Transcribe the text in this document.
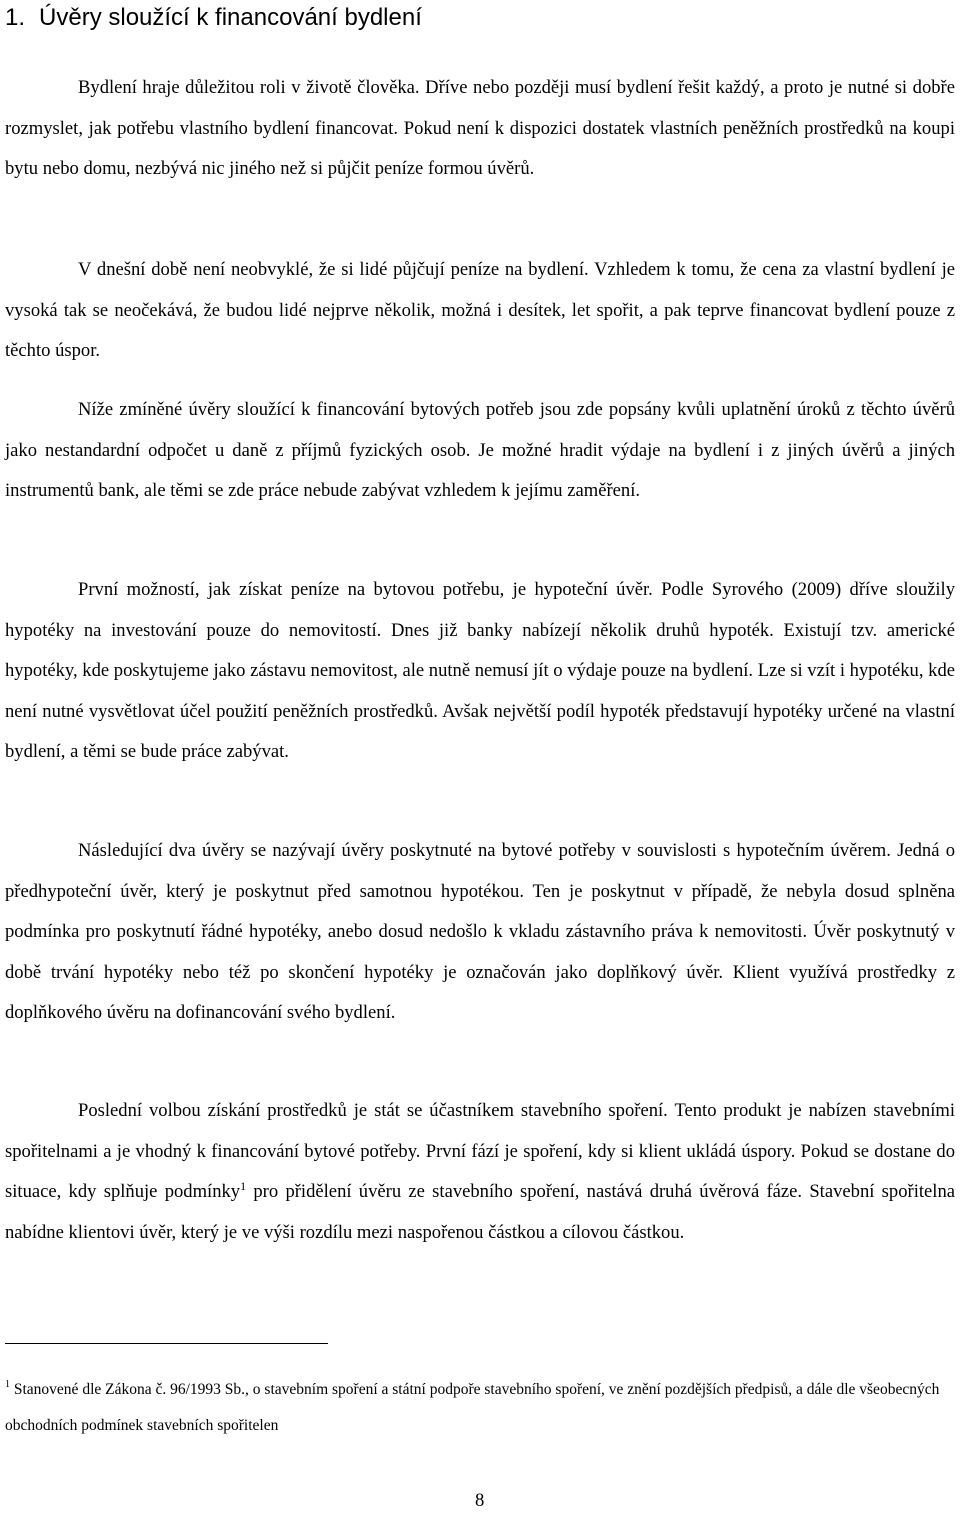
1. Úvěry sloužící k financování bydlení

Bydlení hraje důležitou roli v životě člověka. Dříve nebo později musí bydlení řešit každý, a proto je nutné si dobře rozmyslet, jak potřebu vlastního bydlení financovat. Pokud není k dispozici dostatek vlastních peněžních prostředků na koupi bytu nebo domu, nezbývá nic jiného než si půjčit peníze formou úvěrů.

V dnešní době není neobvyklé, že si lidé půjčují peníze na bydlení. Vzhledem k tomu, že cena za vlastní bydlení je vysoká tak se neočekává, že budou lidé nejprve několik, možná i desítek, let spořit, a pak teprve financovat bydlení pouze z těchto úspor.

Níže zmíněné úvěry sloužící k financování bytových potřeb jsou zde popsány kvůli uplatnění úroků z těchto úvěrů jako nestandardní odpočet u daně z příjmů fyzických osob. Je možné hradit výdaje na bydlení i z jiných úvěrů a jiných instrumentů bank, ale těmi se zde práce nebude zabývat vzhledem k jejímu zaměření.

První možností, jak získat peníze na bytovou potřebu, je hypoteční úvěr. Podle Syrového (2009) dříve sloužily hypotéky na investování pouze do nemovitostí. Dnes již banky nabízejí několik druhů hypoték. Existují tzv. americké hypotéky, kde poskytujeme jako zástavu nemovitost, ale nutně nemusí jít o výdaje pouze na bydlení. Lze si vzít i hypotéku, kde není nutné vysvětlovat účel použití peněžních prostředků. Avšak největší podíl hypoték představují hypotéky určené na vlastní bydlení, a těmi se bude práce zabývat.

Následující dva úvěry se nazývají úvěry poskytnuté na bytové potřeby v souvislosti s hypotečním úvěrem. Jedná o předhypoteční úvěr, který je poskytnut před samotnou hypotékou. Ten je poskytnut v případě, že nebyla dosud splněna podmínka pro poskytnutí řádné hypotéky, anebo dosud nedošlo k vkladu zástavního práva k nemovitosti. Úvěr poskytnutý v době trvání hypotéky nebo též po skončení hypotéky je označován jako doplňkový úvěr. Klient využívá prostředky z doplňkového úvěru na dofinancování svého bydlení.

Poslední volbou získání prostředků je stát se účastníkem stavebního spoření. Tento produkt je nabízen stavebními spořitelnami a je vhodný k financování bytové potřeby. První fází je spoření, kdy si klient ukládá úspory. Pokud se dostane do situace, kdy splňuje podmínky$^1$ pro přidělení úvěru ze stavebního spoření, nastává druhá úvěrová fáze. Stavební spořitelna nabídne klientovi úvěr, který je ve výši rozdílu mezi naspořenou částkou a cílovou částkou.

$^1$ Stanovené dle Zákona č. 96/1993 Sb., o stavebním spoření a státní podpoře stavebního spoření, ve znění pozdějších předpisů, a dále dle všeobecných obchodních podmínek stavebních spořitelen

8
